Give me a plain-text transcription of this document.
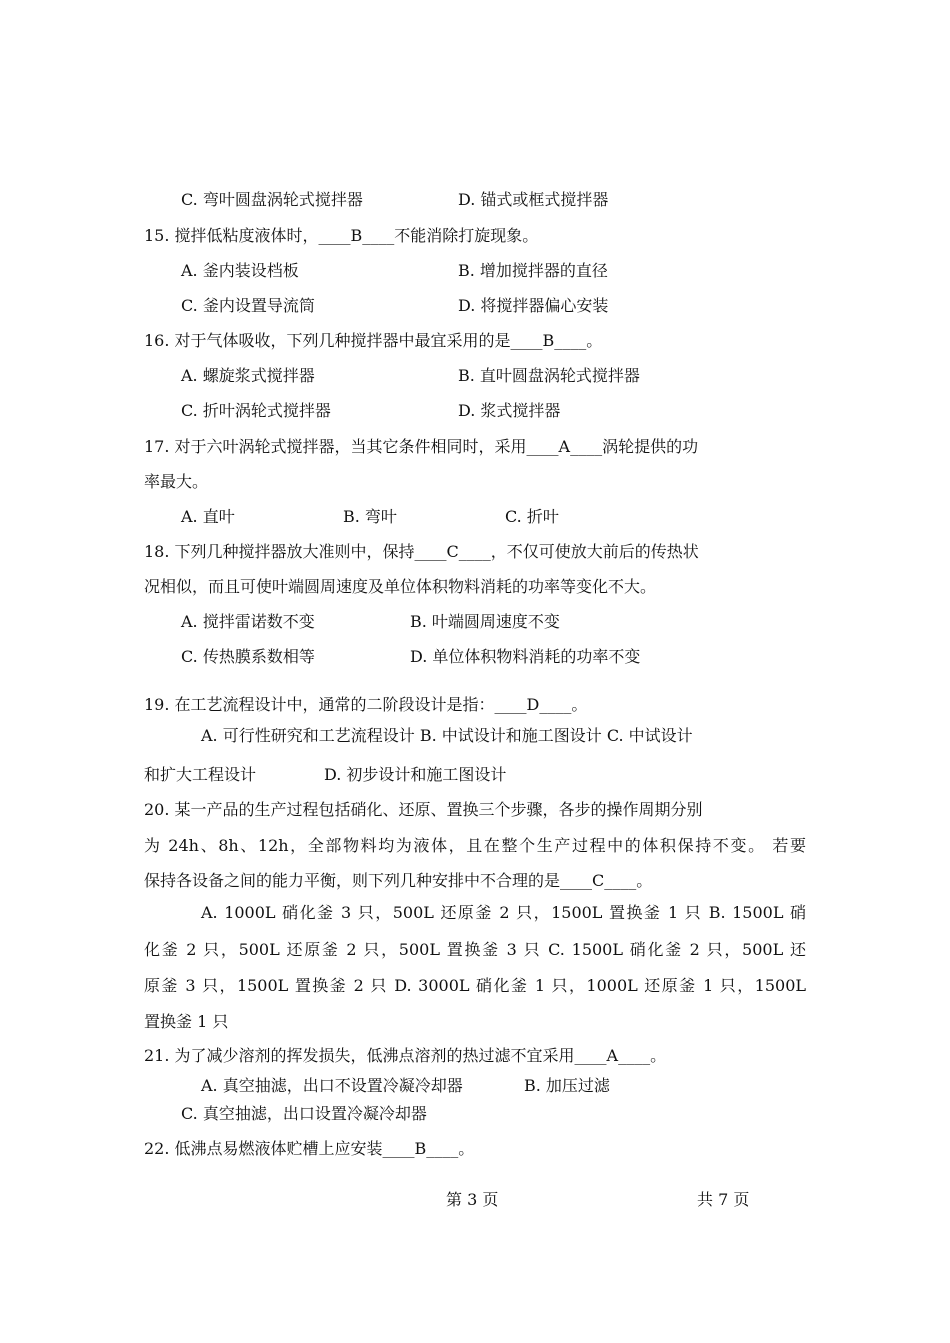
C. 弯叶圆盘涡轮式搅拌器	D. 锚式或框式搅拌器

15. 搅拌低粘度液体时，____B____不能消除打旋现象。

A. 釜内装设档板	B. 增加搅拌器的直径

C. 釜内设置导流筒	D. 将搅拌器偏心安装

16. 对于气体吸收，下列几种搅拌器中最宜采用的是____B____。

A. 螺旋浆式搅拌器	B. 直叶圆盘涡轮式搅拌器

C. 折叶涡轮式搅拌器	D. 浆式搅拌器

17. 对于六叶涡轮式搅拌器，当其它条件相同时，采用____A____涡轮提供的功

率最大。

A. 直叶	B. 弯叶	C. 折叶

18. 下列几种搅拌器放大准则中，保持____C____，不仅可使放大前后的传热状

况相似，而且可使叶端圆周速度及单位体积物料消耗的功率等变化不大。

A. 搅拌雷诺数不变	B. 叶端圆周速度不变

C. 传热膜系数相等	D. 单位体积物料消耗的功率不变

19. 在工艺流程设计中，通常的二阶段设计是指：____D____。

A. 可行性研究和工艺流程设计 B. 中试设计和施工图设计 C. 中试设计

和扩大工程设计	D. 初步设计和施工图设计

20. 某一产品的生产过程包括硝化、还原、置换三个步骤，各步的操作周期分别

为 24h、8h、12h，全部物料均为液体，且在整个生产过程中的体积保持不变。 若要

保持各设备之间的能力平衡，则下列几种安排中不合理的是____C____。

A. 1000L 硝化釜 3 只，500L 还原釜 2 只，1500L 置换釜 1 只 B. 1500L 硝

化釜 2 只，500L 还原釜 2 只，500L 置换釜 3 只 C. 1500L 硝化釜 2 只，500L 还

原釜 3 只，1500L 置换釜 2 只 D. 3000L 硝化釜 1 只，1000L 还原釜 1 只，1500L

置换釜 1 只

21. 为了减少溶剂的挥发损失，低沸点溶剂的热过滤不宜采用____A____。

A. 真空抽滤，出口不设置冷凝冷却器	B. 加压过滤

C. 真空抽滤，出口设置冷凝冷却器

22. 低沸点易燃液体贮槽上应安装____B____。

第 3 页	共 7 页
